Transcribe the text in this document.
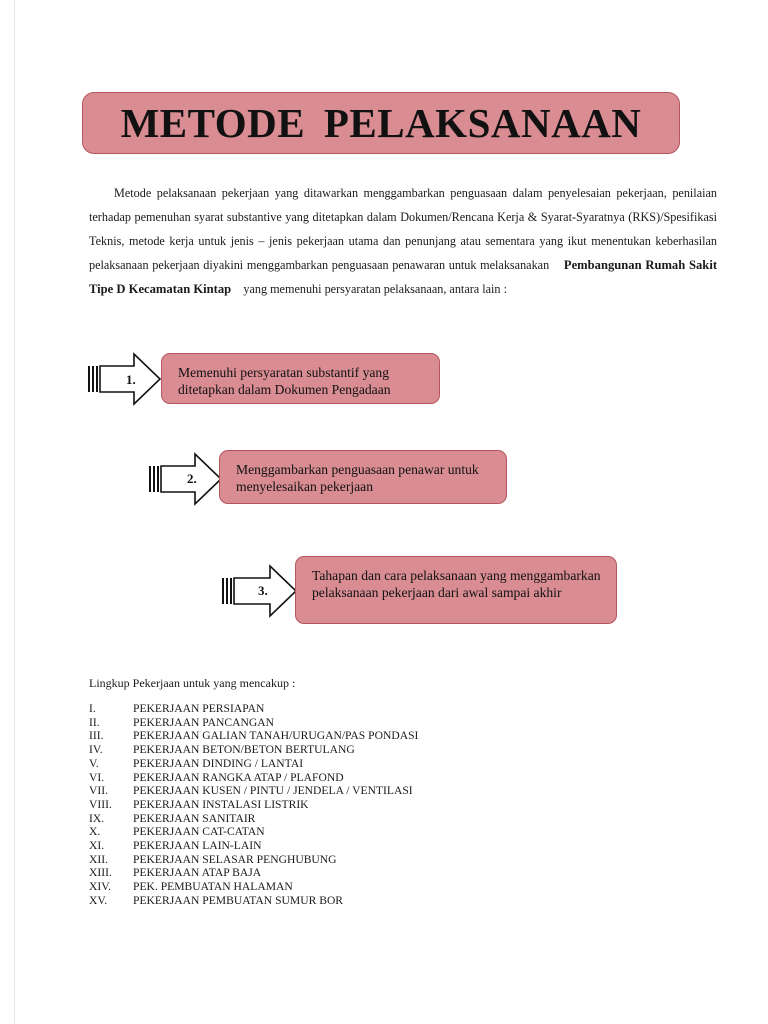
METODE PELAKSANAAN
Metode pelaksanaan pekerjaan yang ditawarkan menggambarkan penguasaan dalam penyelesaian pekerjaan, penilaian terhadap pemenuhan syarat substantive yang ditetapkan dalam Dokumen/Rencana Kerja & Syarat-Syaratnya (RKS)/Spesifikasi Teknis, metode kerja untuk jenis – jenis pekerjaan utama dan penunjang atau sementara yang ikut menentukan keberhasilan pelaksanaan pekerjaan diyakini menggambarkan penguasaan penawaran untuk melaksanakan Pembangunan Rumah Sakit Tipe D Kecamatan Kintap yang memenuhi persyaratan pelaksanaan, antara lain :
1.	Memenuhi persyaratan substantif yang ditetapkan dalam Dokumen Pengadaan
2.
Menggambarkan penguasaan penawar untuk menyelesaikan pekerjaan
3.
Tahapan dan cara pelaksanaan yang menggambarkan pelaksanaan pekerjaan dari awal sampai akhir
Lingkup Pekerjaan untuk yang mencakup :
I.	PEKERJAAN PERSIAPAN
II.	PEKERJAAN PANCANGAN
III.	PEKERJAAN GALIAN TANAH/URUGAN/PAS PONDASI
IV.	PEKERJAAN BETON/BETON BERTULANG
V.	PEKERJAAN DINDING / LANTAI
VI.	PEKERJAAN RANGKA ATAP / PLAFOND
VII.	PEKERJAAN KUSEN / PINTU / JENDELA / VENTILASI
VIII.	PEKERJAAN INSTALASI LISTRIK
IX.	PEKERJAAN SANITAIR
X.	PEKERJAAN CAT-CATAN
XI.	PEKERJAAN LAIN-LAIN
XII.	PEKERJAAN SELASAR PENGHUBUNG
XIII.	PEKERJAAN ATAP BAJA
XIV.	PEK. PEMBUATAN HALAMAN
XV.	PEKERJAAN PEMBUATAN SUMUR BOR
